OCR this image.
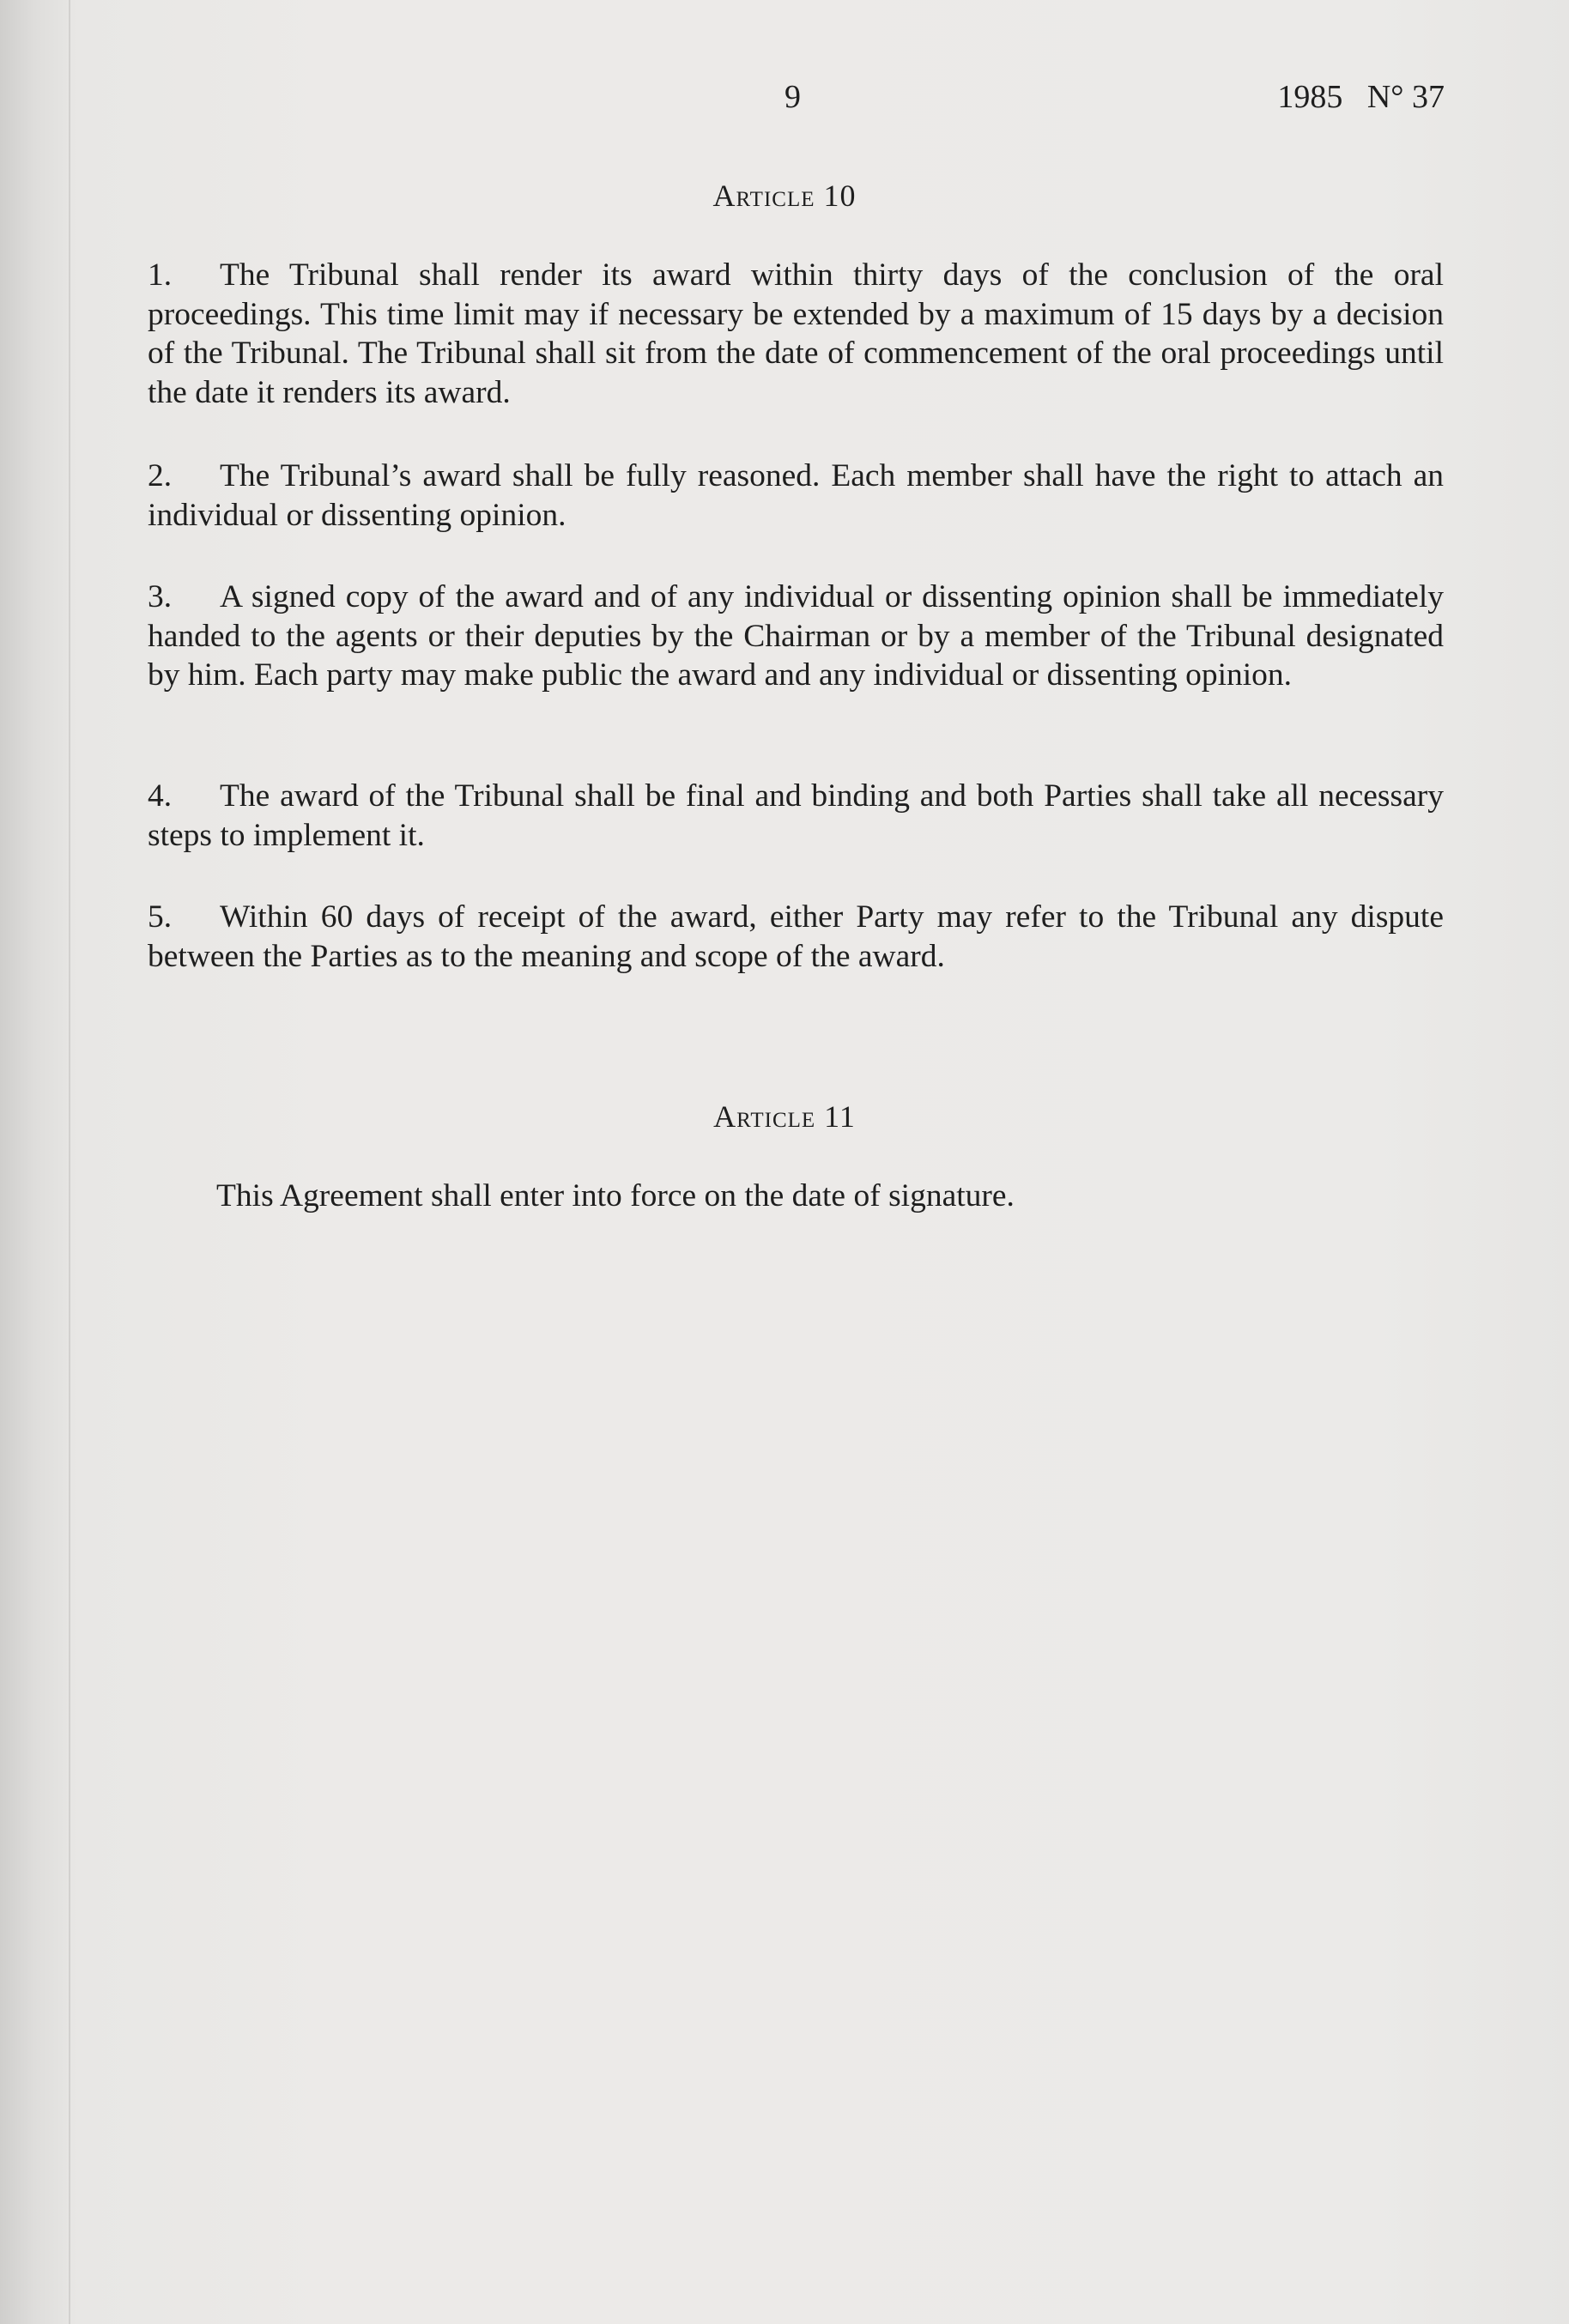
9	1985   N° 37
Article 10
1. The Tribunal shall render its award within thirty days of the conclusion of the oral proceedings. This time limit may if necessary be extended by a maximum of 15 days by a decision of the Tribunal. The Tribunal shall sit from the date of commencement of the oral proceedings until the date it renders its award.
2. The Tribunal’s award shall be fully reasoned. Each member shall have the right to attach an individual or dissenting opinion.
3. A signed copy of the award and of any individual or dissenting opinion shall be immediately handed to the agents or their deputies by the Chairman or by a member of the Tribunal designated by him. Each party may make public the award and any individual or dissenting opinion.
4. The award of the Tribunal shall be final and binding and both Parties shall take all necessary steps to implement it.
5. Within 60 days of receipt of the award, either Party may refer to the Tribunal any dispute between the Parties as to the meaning and scope of the award.
Article 11
This Agreement shall enter into force on the date of signature.
